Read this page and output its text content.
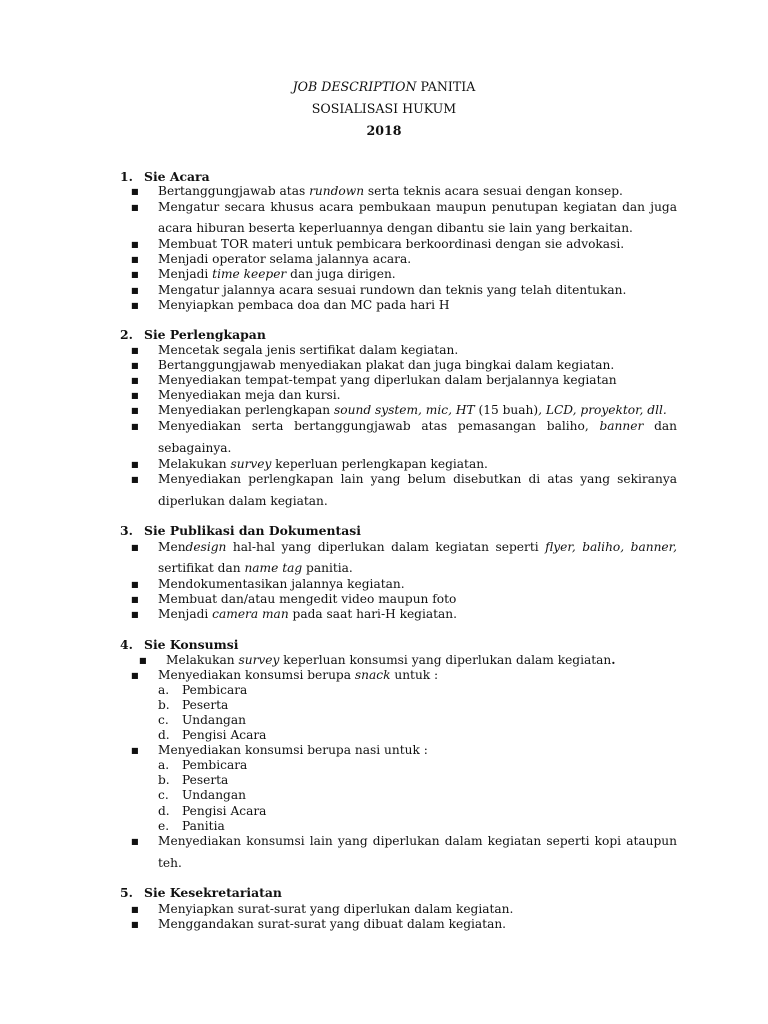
JOB DESCRIPTION PANITIA
SOSIALISASI HUKUM
2018
1. Sie Acara
■ Bertanggungjawab atas rundown serta teknis acara sesuai dengan konsep.
■ Mengatur secara khusus acara pembukaan maupun penutupan kegiatan dan juga
acara hiburan beserta keperluannya dengan dibantu sie lain yang berkaitan.
■ Membuat TOR materi untuk pembicara berkoordinasi dengan sie advokasi.
■ Menjadi operator selama jalannya acara.
■ Menjadi time keeper dan juga dirigen.
■ Mengatur jalannya acara sesuai rundown dan teknis yang telah ditentukan.
■ Menyiapkan pembaca doa dan MC pada hari H
2. Sie Perlengkapan
■ Mencetak segala jenis sertifikat dalam kegiatan.
■ Bertanggungjawab menyediakan plakat dan juga bingkai dalam kegiatan.
■ Menyediakan tempat-tempat yang diperlukan dalam berjalannya kegiatan
■ Menyediakan meja dan kursi.
■ Menyediakan perlengkapan sound system, mic, HT (15 buah), LCD, proyektor, dll.
■ Menyediakan serta bertanggungjawab atas pemasangan baliho, banner dan
sebagainya.
■ Melakukan survey keperluan perlengkapan kegiatan.
■ Menyediakan perlengkapan lain yang belum disebutkan di atas yang sekiranya
diperlukan dalam kegiatan.
3. Sie Publikasi dan Dokumentasi
■ Mendesign hal-hal yang diperlukan dalam kegiatan seperti flyer, baliho, banner,
sertifikat dan name tag panitia.
■ Mendokumentasikan jalannya kegiatan.
■ Membuat dan/atau mengedit video maupun foto
■ Menjadi camera man pada saat hari-H kegiatan.
4. Sie Konsumsi
■ Melakukan survey keperluan konsumsi yang diperlukan dalam kegiatan.
■ Menyediakan konsumsi berupa snack untuk :
a. Pembicara
b. Peserta
c. Undangan
d. Pengisi Acara
■ Menyediakan konsumsi berupa nasi untuk :
a. Pembicara
b. Peserta
c. Undangan
d. Pengisi Acara
e. Panitia
■ Menyediakan konsumsi lain yang diperlukan dalam kegiatan seperti kopi ataupun
teh.
5. Sie Kesekretariatan
■ Menyiapkan surat-surat yang diperlukan dalam kegiatan.
■ Menggandakan surat-surat yang dibuat dalam kegiatan.
